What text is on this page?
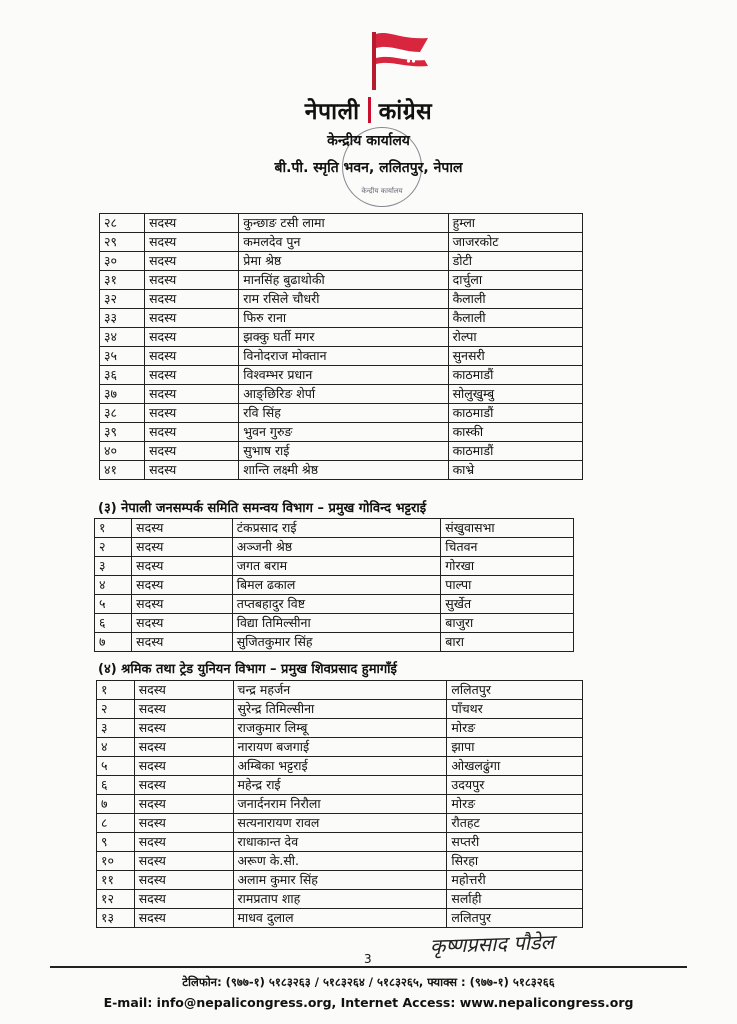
नेपाली कांग्रेस
केन्द्रीय कार्यालय
केन्द्रीय कार्यालय
बी.पी. स्मृति भवन, ललितपुर, नेपाल
२८	सदस्य	कुन्छाङ टसी लामा	हुम्ला
२९	सदस्य	कमलदेव पुन	जाजरकोट
३०	सदस्य	प्रेमा श्रेष्ठ	डोटी
३१	सदस्य	मानसिंह बुढाथोकी	दार्चुला
३२	सदस्य	राम रसिले चौधरी	कैलाली
३३	सदस्य	फिरु राना	कैलाली
३४	सदस्य	झक्कु घर्ती मगर	रोल्पा
३५	सदस्य	विनोदराज मोक्तान	सुनसरी
३६	सदस्य	विश्वम्भर प्रधान	काठमाडौं
३७	सदस्य	आङ्छिरिङ शेर्पा	सोलुखुम्बु
३८	सदस्य	रवि सिंह	काठमाडौं
३९	सदस्य	भुवन गुरुङ	कास्की
४०	सदस्य	सुभाष राई	काठमाडौं
४१	सदस्य	शान्ति लक्ष्मी श्रेष्ठ	काभ्रे
(३) नेपाली जनसम्पर्क समिति समन्वय विभाग – प्रमुख गोविन्द भट्टराई
१	सदस्य	टंकप्रसाद राई	संखुवासभा
२	सदस्य	अञ्जनी श्रेष्ठ	चितवन
३	सदस्य	जगत बराम	गोरखा
४	सदस्य	बिमल ढकाल	पाल्पा
५	सदस्य	तप्तबहादुर विष्ट	सुर्खेत
६	सदस्य	विद्या तिमिल्सीना	बाजुरा
७	सदस्य	सुजितकुमार सिंह	बारा
(४) श्रमिक तथा ट्रेड युनियन विभाग – प्रमुख शिवप्रसाद हुमागाँई
१	सदस्य	चन्द्र महर्जन	ललितपुर
२	सदस्य	सुरेन्द्र तिमिल्सीना	पाँचथर
३	सदस्य	राजकुमार लिम्बू	मोरङ
४	सदस्य	नारायण बजगाई	झापा
५	सदस्य	अम्बिका भट्टराई	ओखलढुंगा
६	सदस्य	महेन्द्र राई	उदयपुर
७	सदस्य	जनार्दनराम निरौला	मोरङ
८	सदस्य	सत्यनारायण रावल	रौतहट
९	सदस्य	राधाकान्त देव	सप्तरी
१०	सदस्य	अरूण के.सी.	सिरहा
११	सदस्य	अलाम कुमार सिंह	महोत्तरी
१२	सदस्य	रामप्रताप शाह	सर्लाही
१३	सदस्य	माधव दुलाल	ललितपुर
कृष्णप्रसाद पौडेल
3
टेलिफोन: (९७७-१) ५१८३२६३ / ५१८३२६४ / ५१८३२६५, फ्याक्स : (९७७-१) ५१८३२६६
E-mail: info@nepalicongress.org, Internet Access: www.nepalicongress.org
